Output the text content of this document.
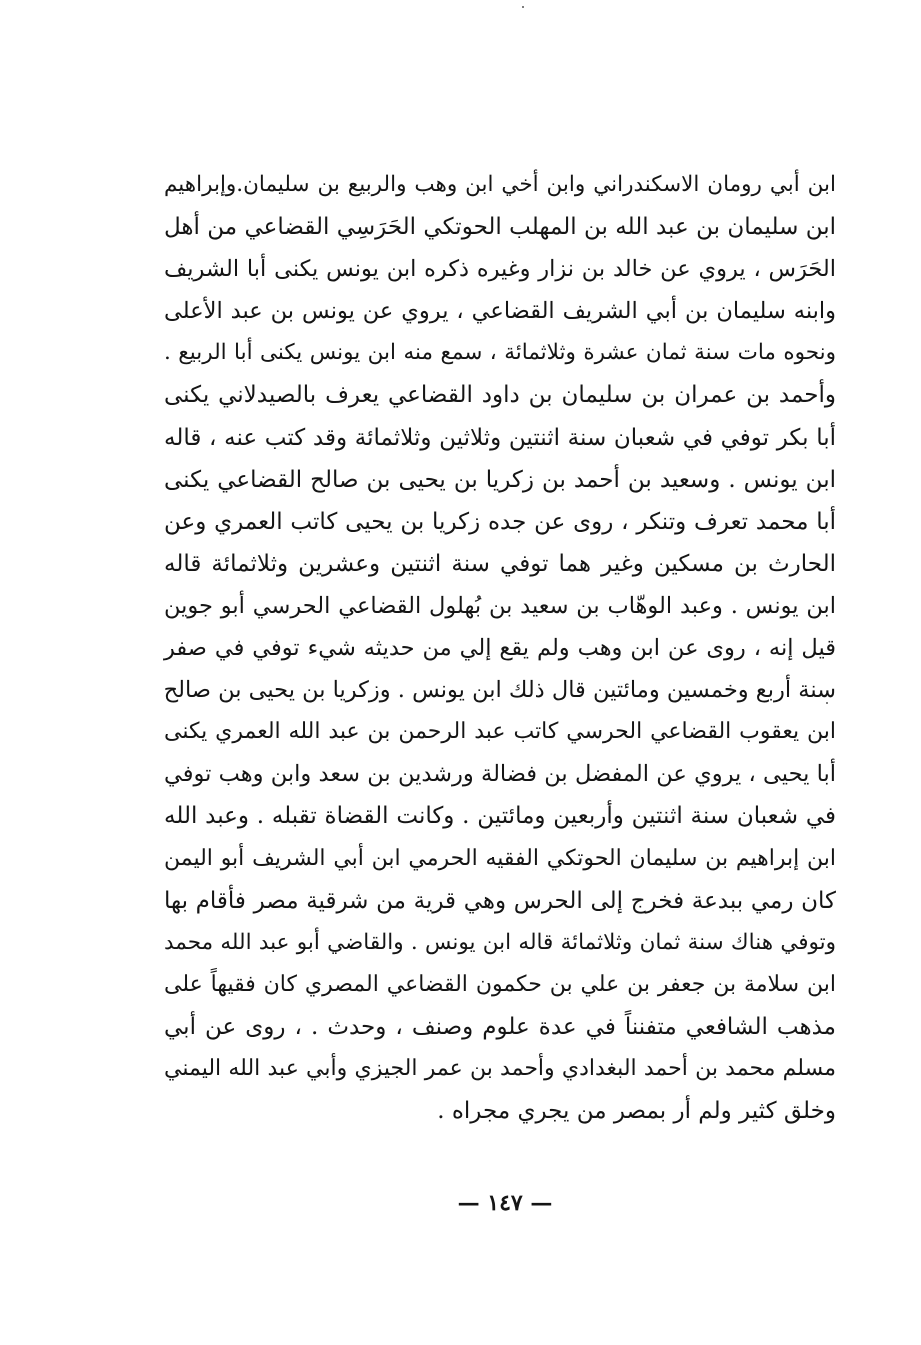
ابن أبي رومان الاسكندراني وابن أخي ابن وهب والربيع بن سليمان.وإبراهيم
ابن سليمان بن عبد الله بن المهلب الحوتكي الحَرَسِي القضاعي من أهل
الحَرَس ، يروي عن خالد بن نزار وغيره ذكره ابن يونس يكنى أبا الشريف
وابنه سليمان بن أبي الشريف القضاعي ، يروي عن يونس بن عبد الأعلى
ونحوه مات سنة ثمان عشرة وثلاثمائة ، سمع منه ابن يونس يكنى أبا الربيع .
وأحمد بن عمران بن سليمان بن داود القضاعي يعرف بالصيدلاني يكنى
أبا بكر توفي في شعبان سنة اثنتين وثلاثين وثلاثمائة وقد كتب عنه ، قاله
ابن يونس . وسعيد بن أحمد بن زكريا بن يحيى بن صالح القضاعي يكنى
أبا محمد تعرف وتنكر ، روى عن جده زكريا بن يحيى كاتب العمري وعن
الحارث بن مسكين وغير هما توفي سنة اثنتين وعشرين وثلاثمائة قاله
ابن يونس . وعبد الوهّاب بن سعيد بن بُهلول القضاعي الحرسي أبو جوين
قيل إنه ، روى عن ابن وهب ولم يقع إلي من حديثه شيء توفي في صفر
سنة أربع وخمسين ومائتين قال ذلك ابن يونس . وزكريا بن يحيى بن صالح
ابن يعقوب القضاعي الحرسي كاتب عبد الرحمن بن عبد الله العمري يكنى
أبا يحيى ، يروي عن المفضل بن فضالة ورشدين بن سعد وابن وهب توفي
في شعبان سنة اثنتين وأربعين ومائتين . وكانت القضاة تقبله . وعبد الله
ابن إبراهيم بن سليمان الحوتكي الفقيه الحرمي ابن أبي الشريف أبو اليمن
كان رمي ببدعة فخرج إلى الحرس وهي قرية من شرقية مصر فأقام بها
وتوفي هناك سنة ثمان وثلاثمائة قاله ابن يونس . والقاضي أبو عبد الله محمد
ابن سلامة بن جعفر بن علي بن حكمون القضاعي المصري كان فقيهاً على
مذهب الشافعي متفنناً في عدة علوم وصنف ، وحدث . ، روى عن أبي
مسلم محمد بن أحمد البغدادي وأحمد بن عمر الجيزي وأبي عبد الله اليمني
وخلق كثير ولم أر بمصر من يجري مجراه .
— ١٤٧ —
